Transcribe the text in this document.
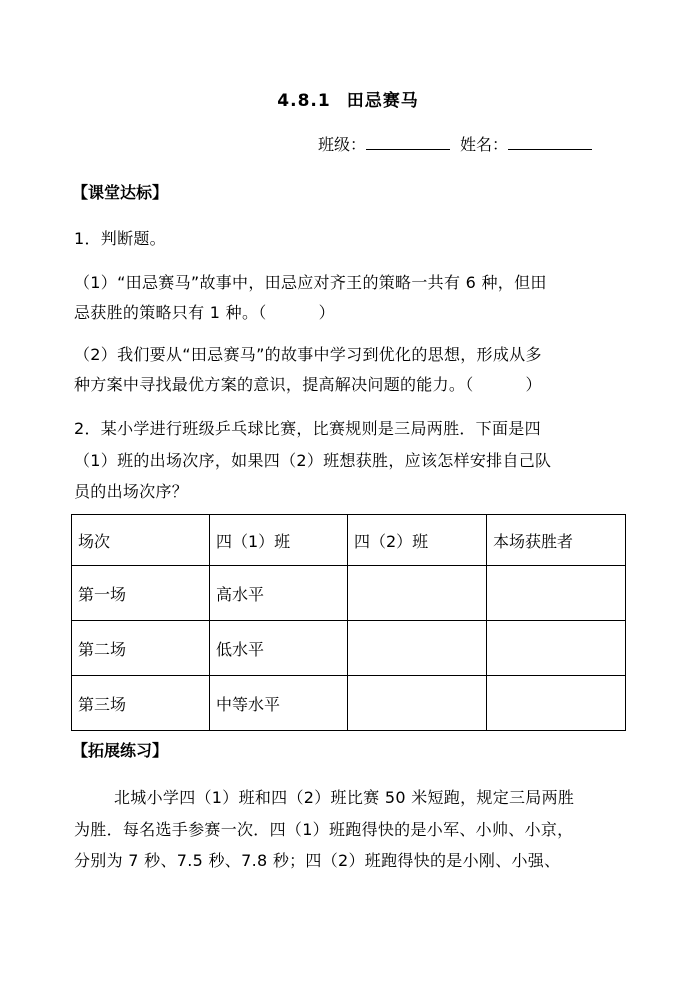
4.8.1 田忌赛马
班级：	姓名：
【课堂达标】
1．判断题。
（1）“田忌赛马”故事中，田忌应对齐王的策略一共有 6 种，但田
忌获胜的策略只有 1 种。（	）
（2）我们要从“田忌赛马”的故事中学习到优化的思想，形成从多
种方案中寻找最优方案的意识，提高解决问题的能力。（	）
2．某小学进行班级乒乓球比赛，比赛规则是三局两胜．下面是四
（1）班的出场次序，如果四（2）班想获胜，应该怎样安排自己队
员的出场次序？
场次	四（1）班	四（2）班	本场获胜者
第一场	高水平		
第二场	低水平		
第三场	中等水平		
【拓展练习】
北城小学四（1）班和四（2）班比赛 50 米短跑，规定三局两胜
为胜．每名选手参赛一次．四（1）班跑得快的是小军、小帅、小京，
分别为 7 秒、7.5 秒、7.8 秒；四（2）班跑得快的是小刚、小强、
